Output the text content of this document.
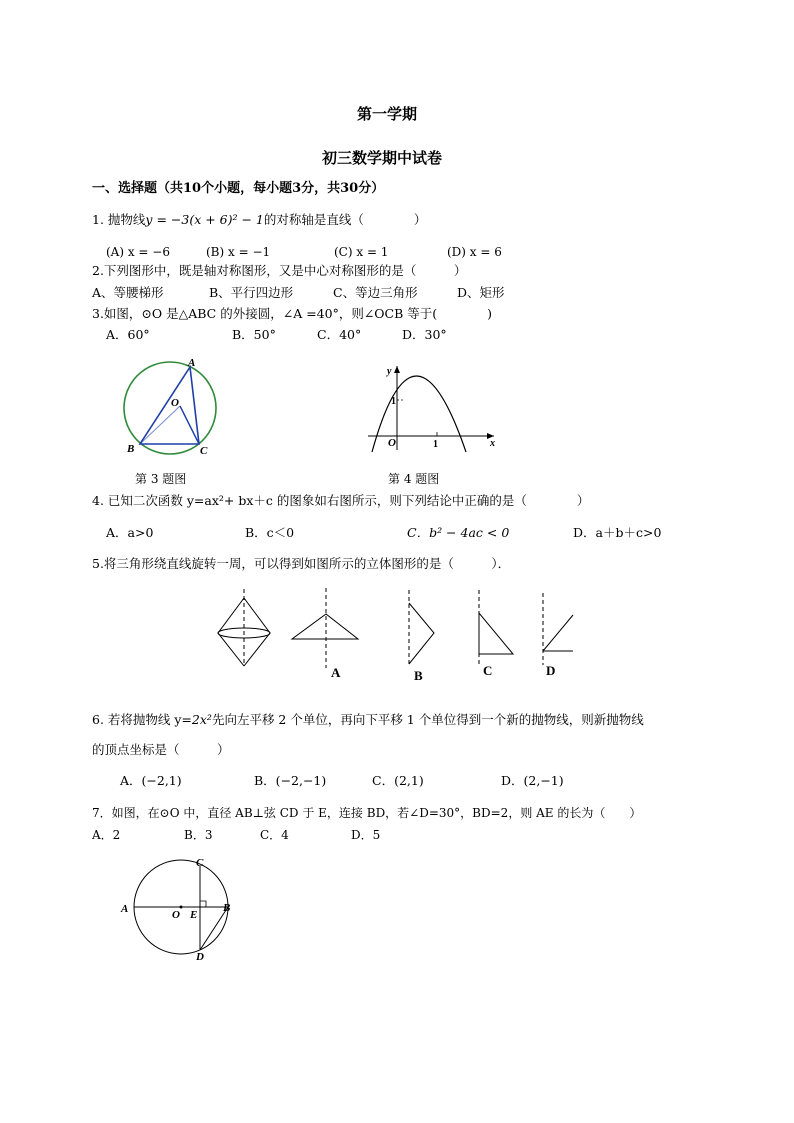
第一学期
初三数学期中试卷
一、选择题（共10个小题，每小题3分，共30分）
1. 抛物线y = −3(x + 6)² − 1的对称轴是直线（　　　　）
(A) x = −6	(B) x = −1	(C) x = 1	(D) x = 6
2.下列图形中，既是轴对称图形，又是中心对称图形的是（　　　）
A、等腰梯形	B、平行四边形	C、等边三角形	D、矩形
3.如图，⊙O 是△ABC 的外接圆，∠A =40°，则∠OCB 等于(　　　　)
A．60°	B．50°	C．40°	D．30°
A
B	C
O
第 3 题图
y
x
O	1
1
第 4 题图
4. 已知二次函数 y=ax²+ bx＋c 的图象如右图所示，则下列结论中正确的是（　　　　）
A．a>0	B．c＜0	C．b² − 4ac < 0	D．a＋b＋c>0
5.将三角形绕直线旋转一周，可以得到如图所示的立体图形的是（　　　）．
A	B	C	D
6. 若将抛物线 y=2x²先向左平移 2 个单位，再向下平移 1 个单位得到一个新的抛物线，则新抛物线
的顶点坐标是（　　　）
A．(−2,1)	B．(−2,−1)	C．(2,1)	D．(2,−1)
7．如图，在⊙O 中，直径 AB⊥弦 CD 于 E，连接 BD，若∠D=30°，BD=2，则 AE 的长为（　　）
A．2	B．3	C．4	D．5
A	B
C
D
E
O
